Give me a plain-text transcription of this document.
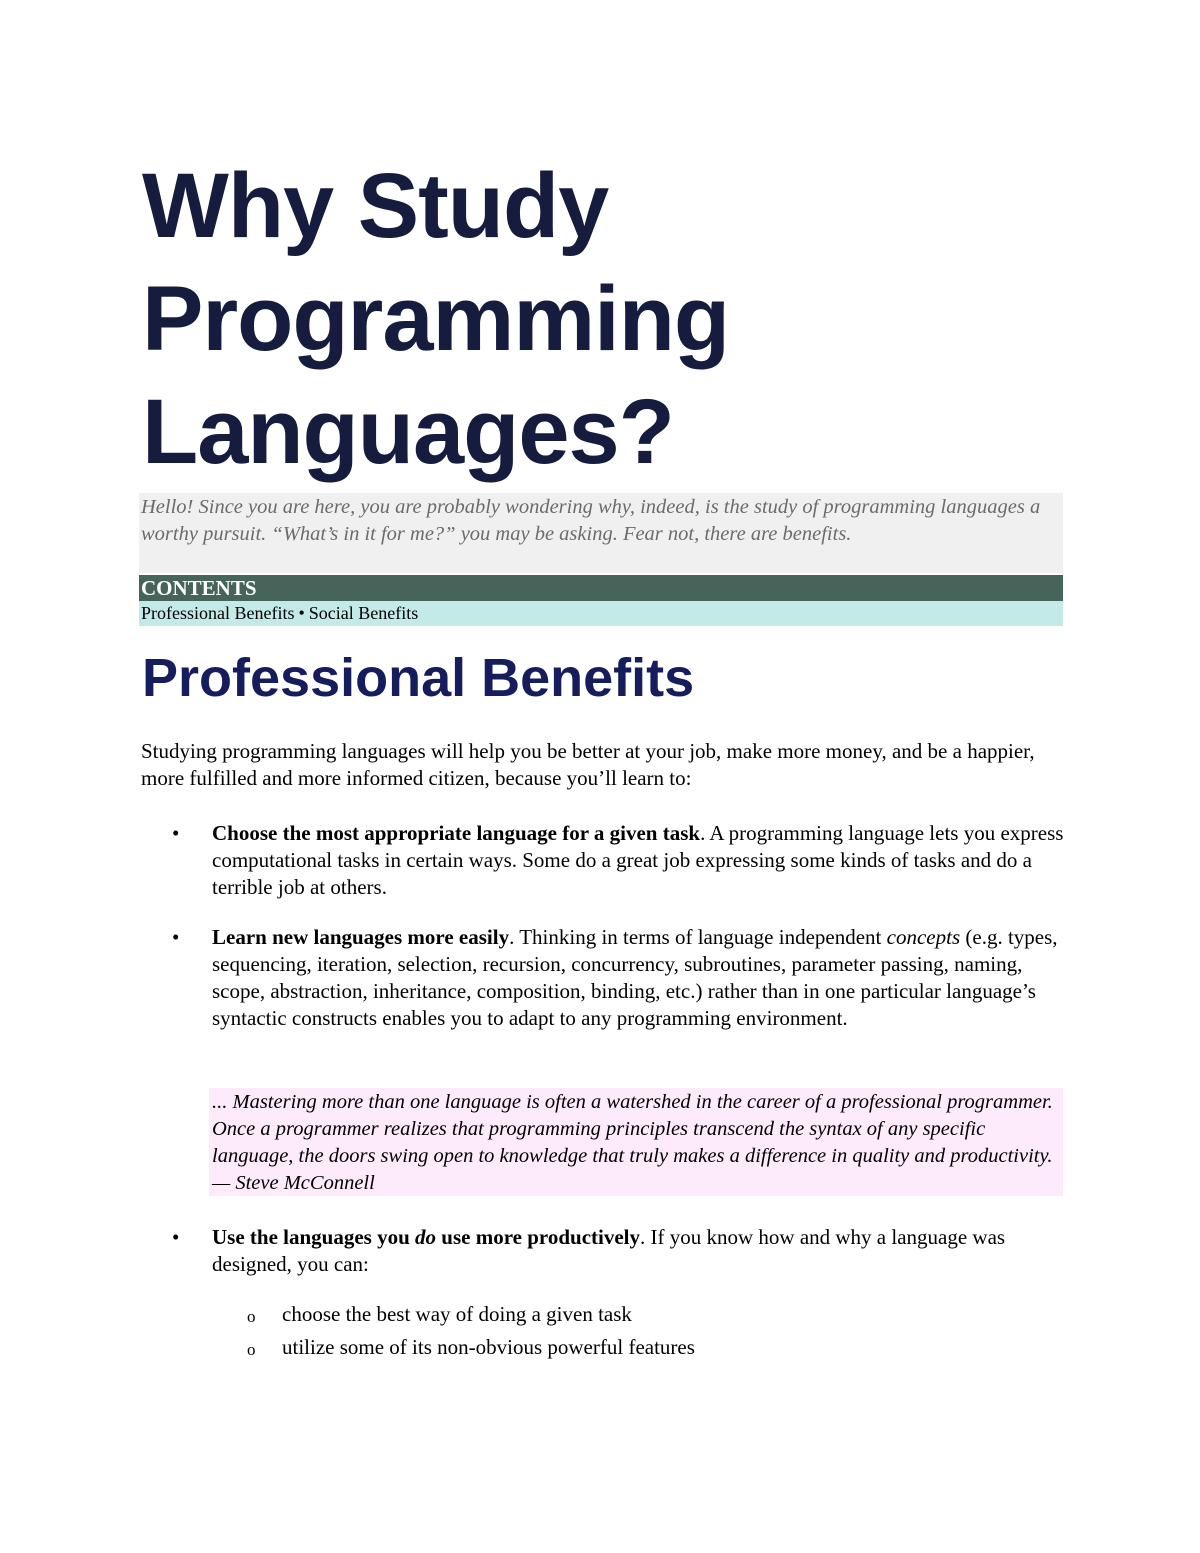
Why Study
Programming
Languages?
Hello! Since you are here, you are probably wondering why, indeed, is the study of programming languages a worthy pursuit. “What’s in it for me?” you may be asking. Fear not, there are benefits.
CONTENTS
Professional Benefits • Social Benefits
Professional Benefits

Studying programming languages will help you be better at your job, make more money, and be a happier, more fulfilled and more informed citizen, because you’ll learn to:

• Choose the most appropriate language for a given task. A programming language lets you express computational tasks in certain ways. Some do a great job expressing some kinds of tasks and do a terrible job at others.

• Learn new languages more easily. Thinking in terms of language independent concepts (e.g. types, sequencing, iteration, selection, recursion, concurrency, subroutines, parameter passing, naming, scope, abstraction, inheritance, composition, binding, etc.) rather than in one particular language’s syntactic constructs enables you to adapt to any programming environment.

... Mastering more than one language is often a watershed in the career of a professional programmer. Once a programmer realizes that programming principles transcend the syntax of any specific language, the doors swing open to knowledge that truly makes a difference in quality and productivity. — Steve McConnell
• Use the languages you do use more productively. If you know how and why a language was designed, you can:

o choose the best way of doing a given task
o utilize some of its non-obvious powerful features
